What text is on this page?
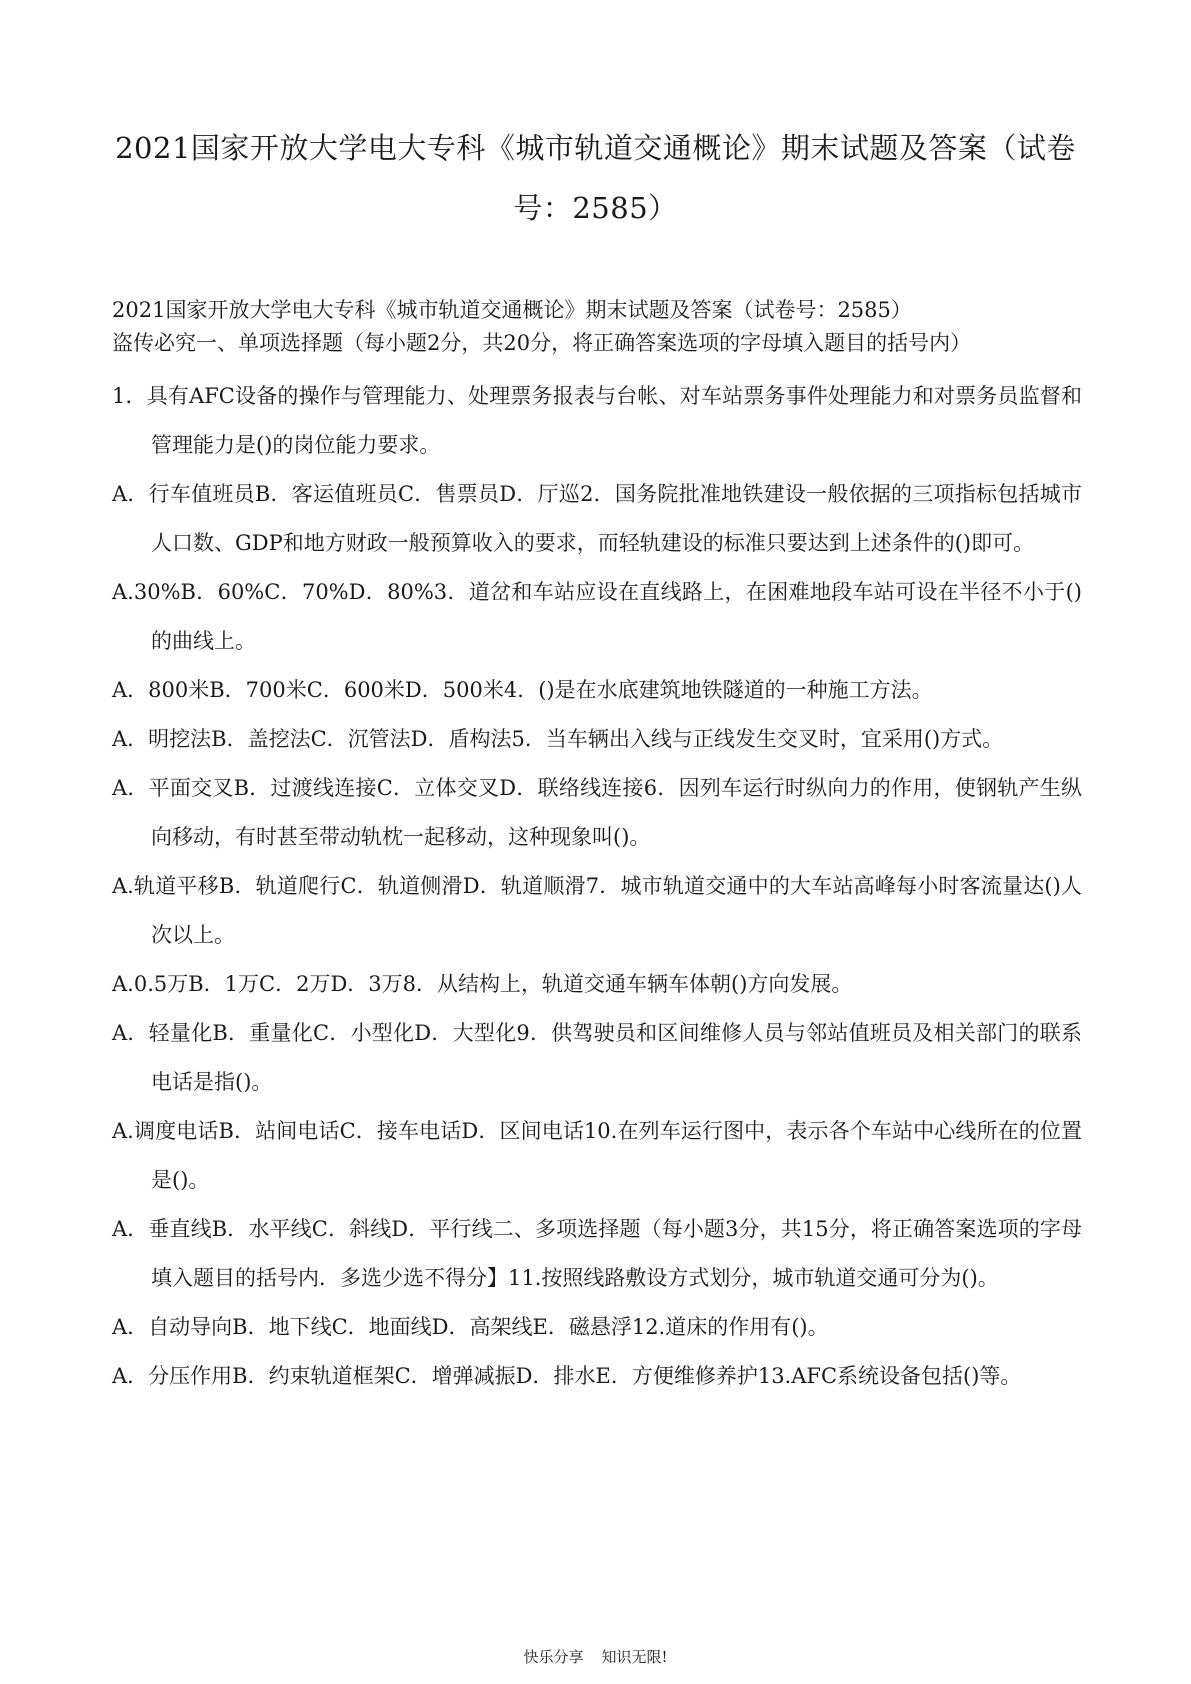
2021国家开放大学电大专科《城市轨道交通概论》期末试题及答案（试卷号：2585）

2021国家开放大学电大专科《城市轨道交通概论》期末试题及答案（试卷号：2585）

盗传必究一、单项选择题（每小题2分，共20分，将正确答案选项的字母填入题目的括号内）

1．具有AFC设备的操作与管理能力、处理票务报表与台帐、对车站票务事件处理能力和对票务员监督和管理能力是()的岗位能力要求。

A．行车值班员B．客运值班员C．售票员D．厅巡2．国务院批准地铁建设一般依据的三项指标包括城市人口数、GDP和地方财政一般预算收入的要求，而轻轨建设的标准只要达到上述条件的()即可。

A.30%B．60%C．70%D．80%3．道岔和车站应设在直线路上，在困难地段车站可设在半径不小于()的曲线上。

A．800米B．700米C．600米D．500米4．()是在水底建筑地铁隧道的一种施工方法。

A．明挖法B．盖挖法C．沉管法D．盾构法5．当车辆出入线与正线发生交叉时，宜采用()方式。

A．平面交叉B．过渡线连接C．立体交叉D．联络线连接6．因列车运行时纵向力的作用，使钢轨产生纵向移动，有时甚至带动轨枕一起移动，这种现象叫()。

A.轨道平移B．轨道爬行C．轨道侧滑D．轨道顺滑7．城市轨道交通中的大车站高峰每小时客流量达()人次以上。

A.0.5万B．1万C．2万D．3万8．从结构上，轨道交通车辆车体朝()方向发展。

A．轻量化B．重量化C．小型化D．大型化9．供驾驶员和区间维修人员与邻站值班员及相关部门的联系电话是指()。

A.调度电话B．站间电话C．接车电话D．区间电话10.在列车运行图中，表示各个车站中心线所在的位置是()。

A．垂直线B．水平线C．斜线D．平行线二、多项选择题（每小题3分，共15分，将正确答案选项的字母填入题目的括号内．多选少选不得分】11.按照线路敷设方式划分，城市轨道交通可分为()。

A．自动导向B．地下线C．地面线D．高架线E．磁悬浮12.道床的作用有()。

A．分压作用B．约束轨道框架C．增弹减振D．排水E．方便维修养护13.AFC系统设备包括()等。

快乐分享 知识无限!
